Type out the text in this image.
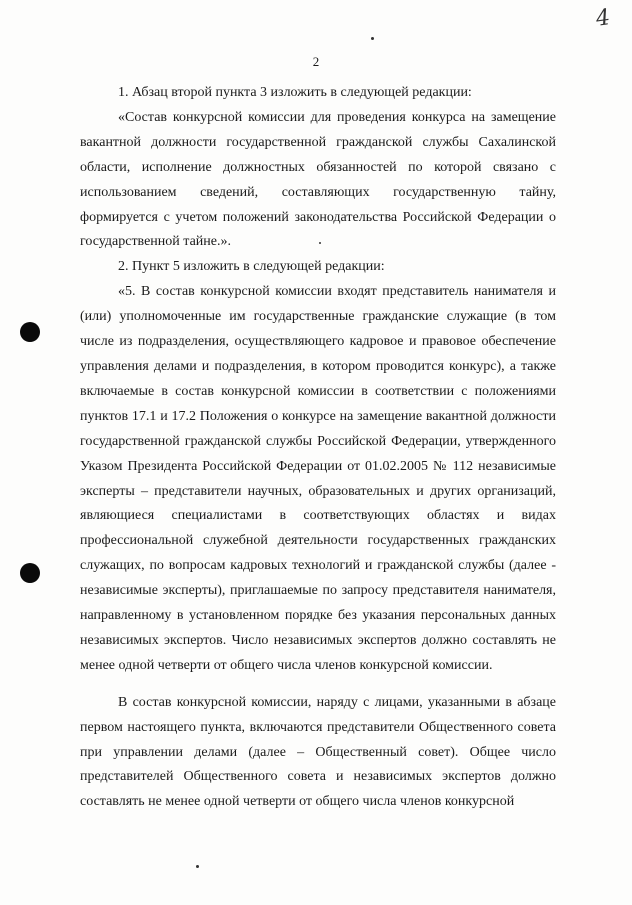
4
2

1. Абзац второй пункта 3 изложить в следующей редакции:

«Состав конкурсной комиссии для проведения конкурса на замещение вакантной должности государственной гражданской службы Сахалинской области, исполнение должностных обязанностей по которой связано с использованием сведений, составляющих государственную тайну, формируется с учетом положений законодательства Российской Федерации о государственной тайне.».

2. Пункт 5 изложить в следующей редакции:

«5. В состав конкурсной комиссии входят представитель нанимателя и (или) уполномоченные им государственные гражданские служащие (в том числе из подразделения, осуществляющего кадровое и правовое обеспечение управления делами и подразделения, в котором проводится конкурс), а также включаемые в состав конкурсной комиссии в соответствии с положениями пунктов 17.1 и 17.2 Положения о конкурсе на замещение вакантной должности государственной гражданской службы Российской Федерации, утвержденного Указом Президента Российской Федерации от 01.02.2005 № 112 независимые эксперты – представители научных, образовательных и других организаций, являющиеся специалистами в соответствующих областях и видах профессиональной служебной деятельности государственных гражданских служащих, по вопросам кадровых технологий и гражданской службы (далее - независимые эксперты), приглашаемые по запросу представителя нанимателя, направленному в установленном порядке без указания персональных данных независимых экспертов. Число независимых экспертов должно составлять не менее одной четверти от общего числа членов конкурсной комиссии.

В состав конкурсной комиссии, наряду с лицами, указанными в абзаце первом настоящего пункта, включаются представители Общественного совета при управлении делами (далее – Общественный совет). Общее число представителей Общественного совета и независимых экспертов должно составлять не менее одной четверти от общего числа членов конкурсной
